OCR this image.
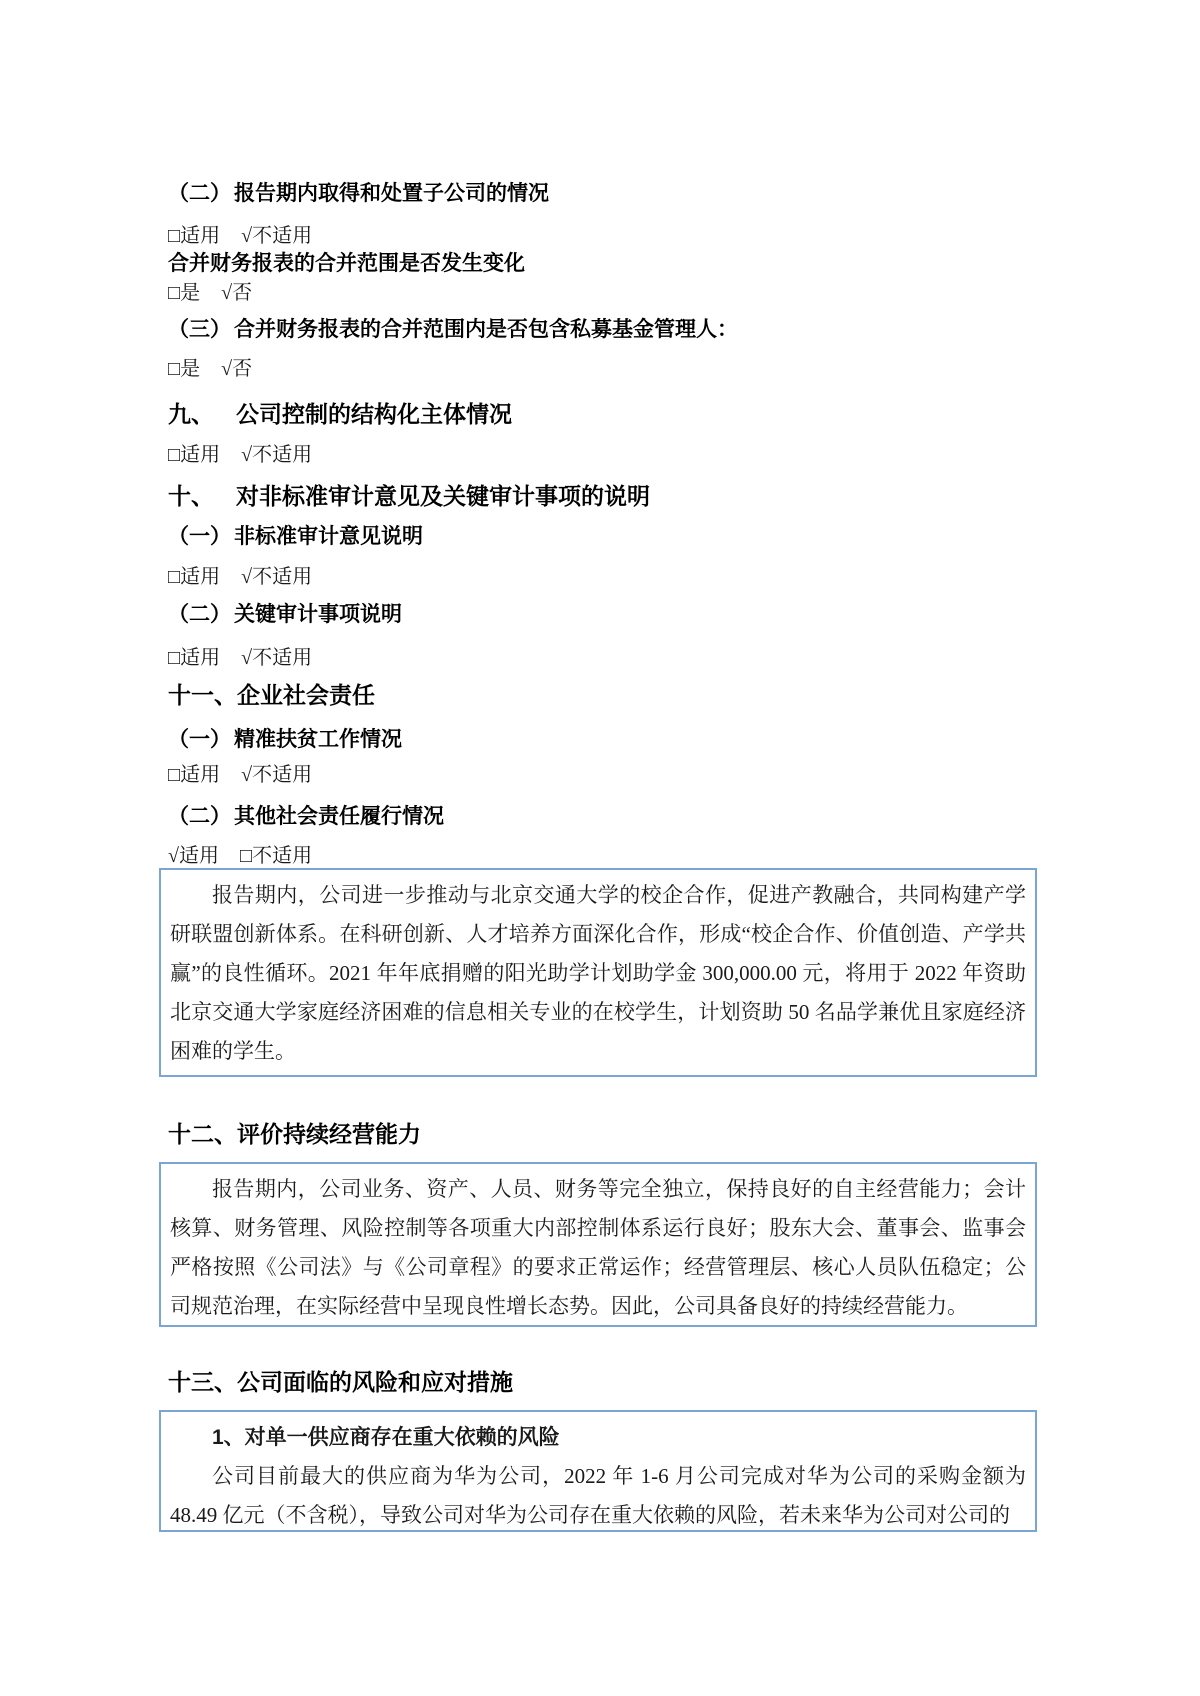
（二） 报告期内取得和处置子公司的情况
□适用 √不适用

合并财务报表的合并范围是否发生变化

□是 √否
（三） 合并财务报表的合并范围内是否包含私募基金管理人：
□是 √否
九、 公司控制的结构化主体情况
□适用 √不适用
十、 对非标准审计意见及关键审计事项的说明
（一） 非标准审计意见说明
□适用 √不适用
（二） 关键审计事项说明
□适用 √不适用
十一、 企业社会责任
（一） 精准扶贫工作情况
□适用 √不适用
（二） 其他社会责任履行情况
√适用 □不适用

报告期内，公司进一步推动与北京交通大学的校企合作，促进产教融合，共同构建产学研联盟创新体系。在科研创新、人才培养方面深化合作，形成“校企合作、价值创造、产学共赢”的良性循环。2021 年年底捐赠的阳光助学计划助学金 300,000.00 元，将用于 2022 年资助北京交通大学家庭经济困难的信息相关专业的在校学生，计划资助 50 名品学兼优且家庭经济困难的学生。

十二、 评价持续经营能力

报告期内，公司业务、资产、人员、财务等完全独立，保持良好的自主经营能力；会计核算、财务管理、风险控制等各项重大内部控制体系运行良好；股东大会、董事会、监事会严格按照《公司法》与《公司章程》的要求正常运作；经营管理层、核心人员队伍稳定；公司规范治理，在实际经营中呈现良性增长态势。因此，公司具备良好的持续经营能力。

十三、 公司面临的风险和应对措施

1、对单一供应商存在重大依赖的风险

公司目前最大的供应商为华为公司，2022 年 1-6 月公司完成对华为公司的采购金额为 48.49 亿元（不含税），导致公司对华为公司存在重大依赖的风险，若未来华为公司对公司的
